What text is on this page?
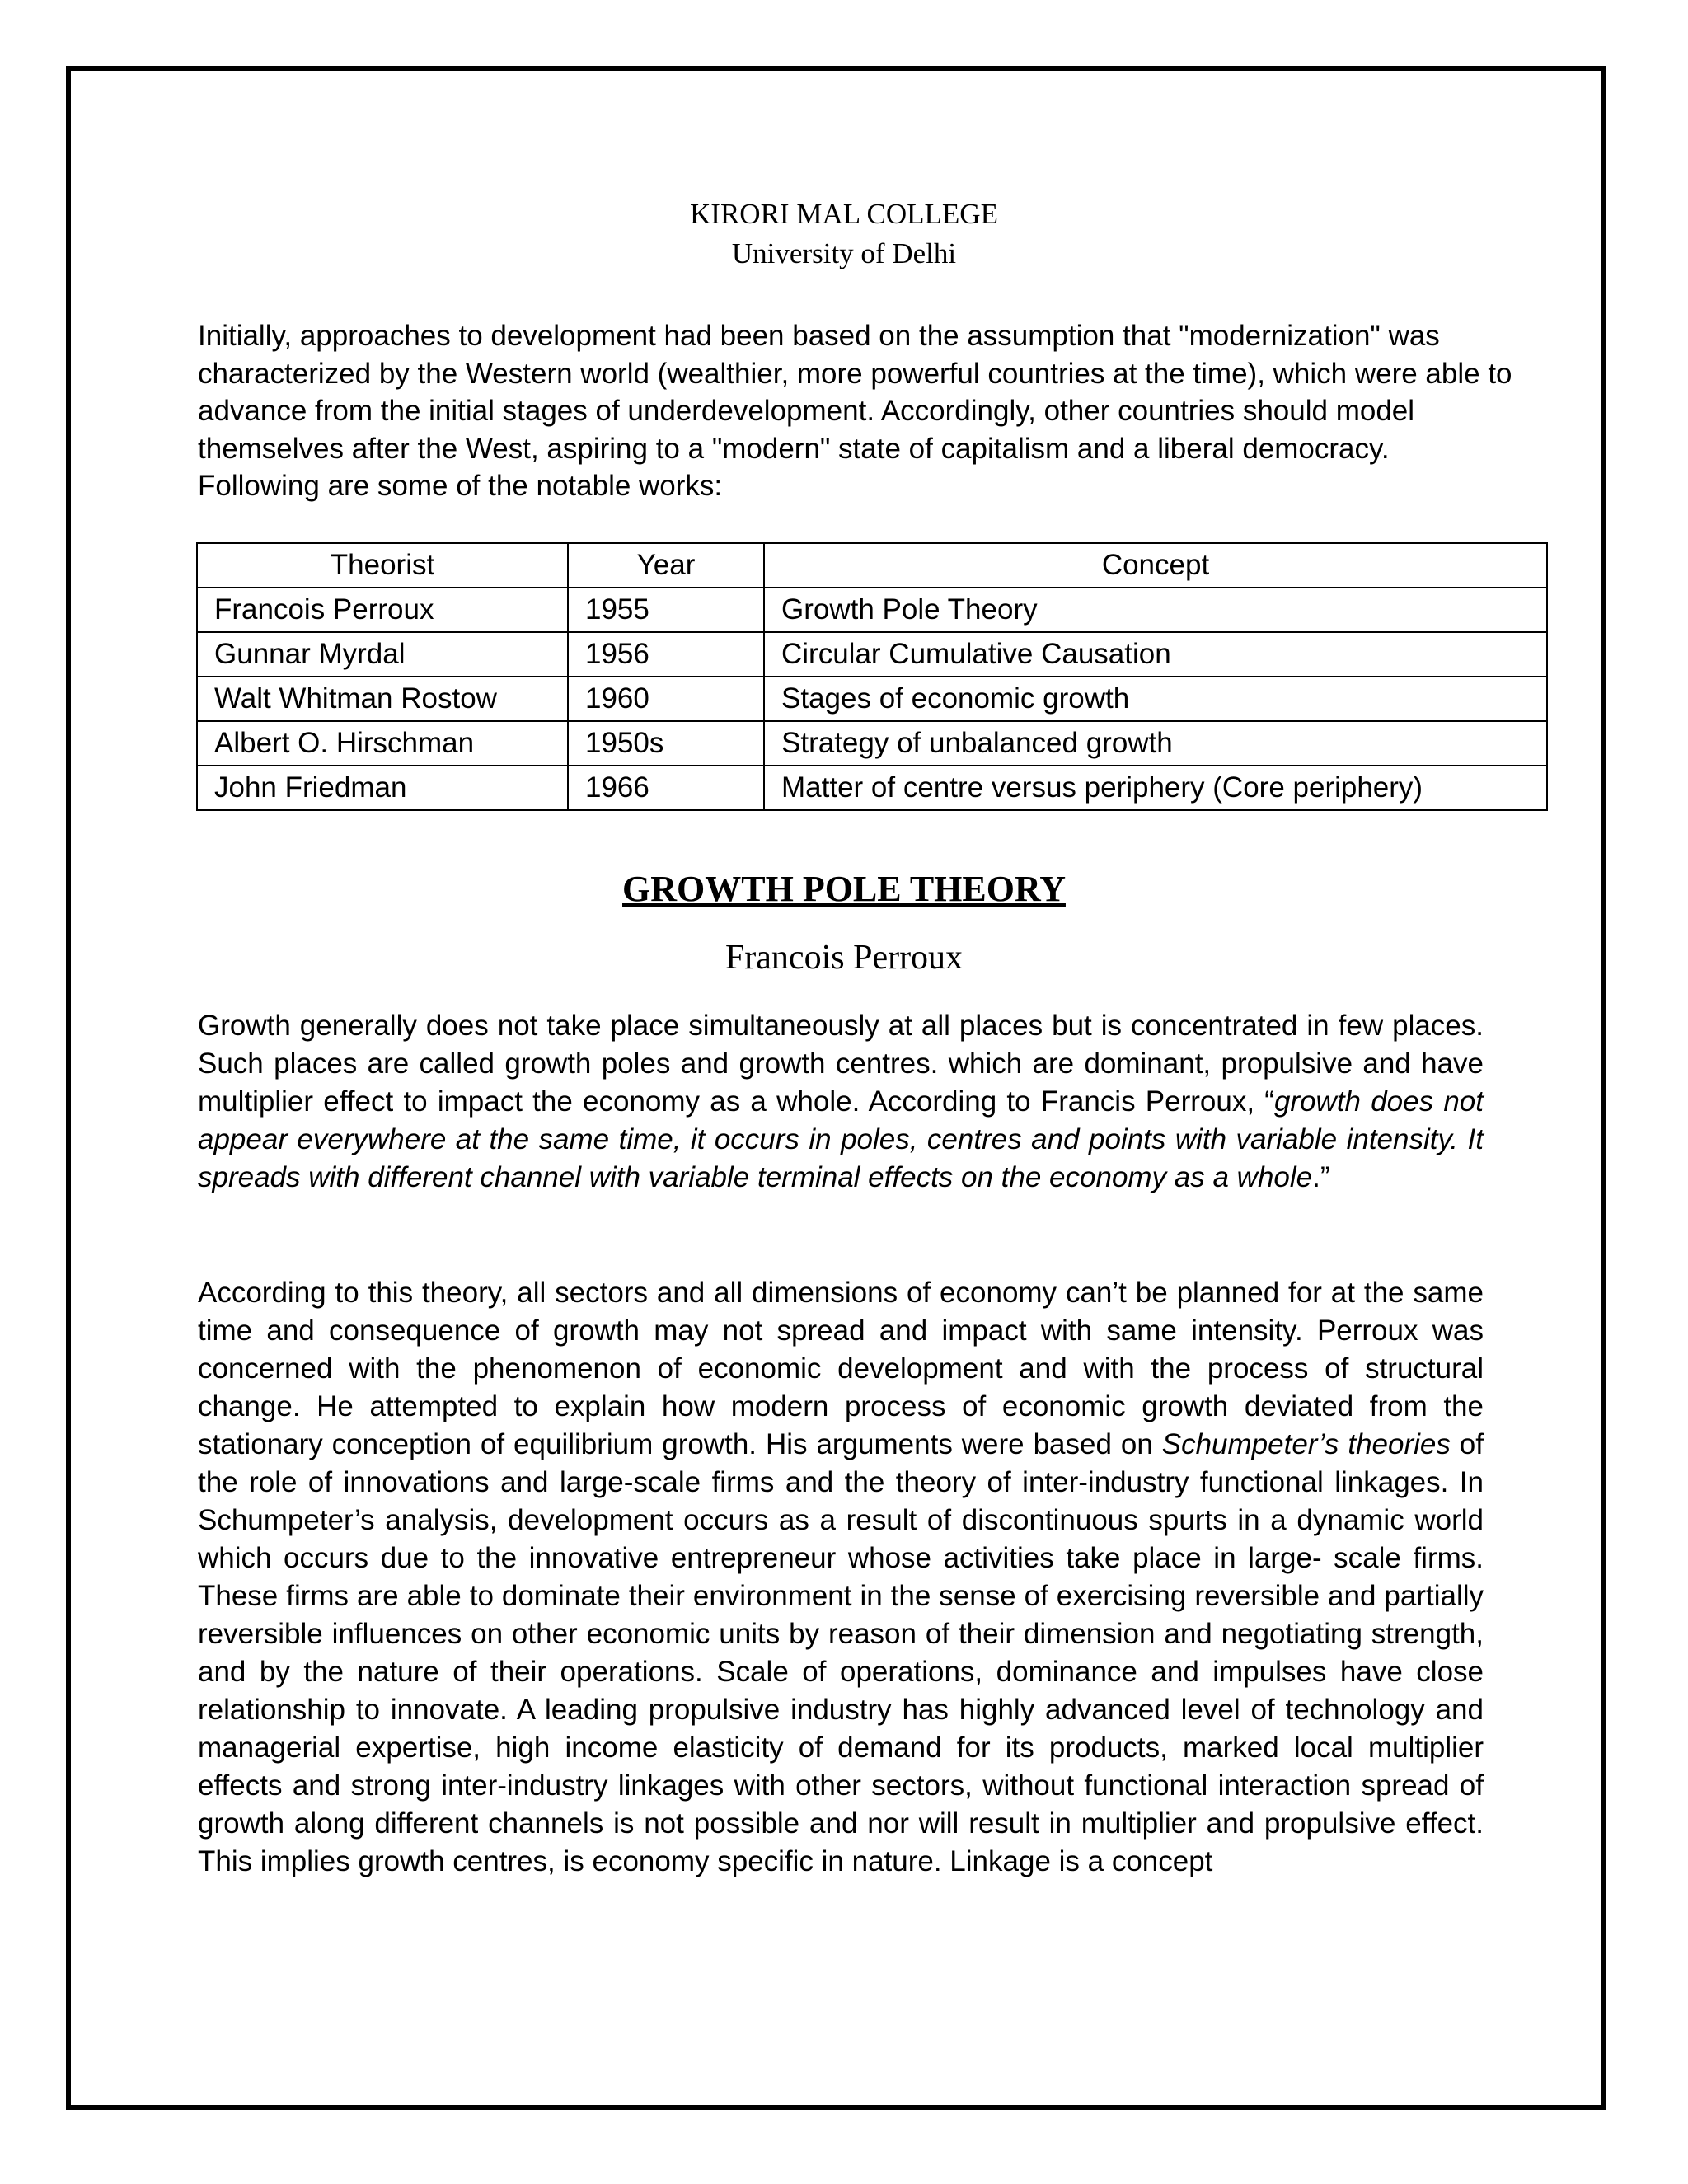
KIRORI MAL COLLEGE
University of Delhi
Initially, approaches to development had been based on the assumption that "modernization" was characterized by the Western world (wealthier, more powerful countries at the time), which were able to advance from the initial stages of underdevelopment. Accordingly, other countries should model themselves after the West, aspiring to a "modern" state of capitalism and a liberal democracy. Following are some of the notable works:
Theorist	Year	Concept
Francois Perroux	1955	Growth Pole Theory
Gunnar Myrdal	1956	Circular Cumulative Causation
Walt Whitman Rostow	1960	Stages of economic growth
Albert O. Hirschman	1950s	Strategy of unbalanced growth
John Friedman	1966	Matter of centre versus periphery (Core periphery)
GROWTH POLE THEORY
Francois Perroux
Growth generally does not take place simultaneously at all places but is concentrated in few places. Such places are called growth poles and growth centres. which are dominant, propulsive and have multiplier effect to impact the economy as a whole. According to Francis Perroux, “growth does not appear everywhere at the same time, it occurs in poles, centres and points with variable intensity. It spreads with different channel with variable terminal effects on the economy as a whole.”
According to this theory, all sectors and all dimensions of economy can’t be planned for at the same time and consequence of growth may not spread and impact with same intensity. Perroux was concerned with the phenomenon of economic development and with the process of structural change. He attempted to explain how modern process of economic growth deviated from the stationary conception of equilibrium growth. His arguments were based on Schumpeter’s theories of the role of innovations and large-scale firms and the theory of inter-industry functional linkages. In Schumpeter’s analysis, development occurs as a result of discontinuous spurts in a dynamic world which occurs due to the innovative entrepreneur whose activities take place in large- scale firms. These firms are able to dominate their environment in the sense of exercising reversible and partially reversible influences on other economic units by reason of their dimension and negotiating strength, and by the nature of their operations. Scale of operations, dominance and impulses have close relationship to innovate. A leading propulsive industry has highly advanced level of technology and managerial expertise, high income elasticity of demand for its products, marked local multiplier effects and strong inter-industry linkages with other sectors, without functional interaction spread of growth along different channels is not possible and nor will result in multiplier and propulsive effect. This implies growth centres, is economy specific in nature. Linkage is a concept
